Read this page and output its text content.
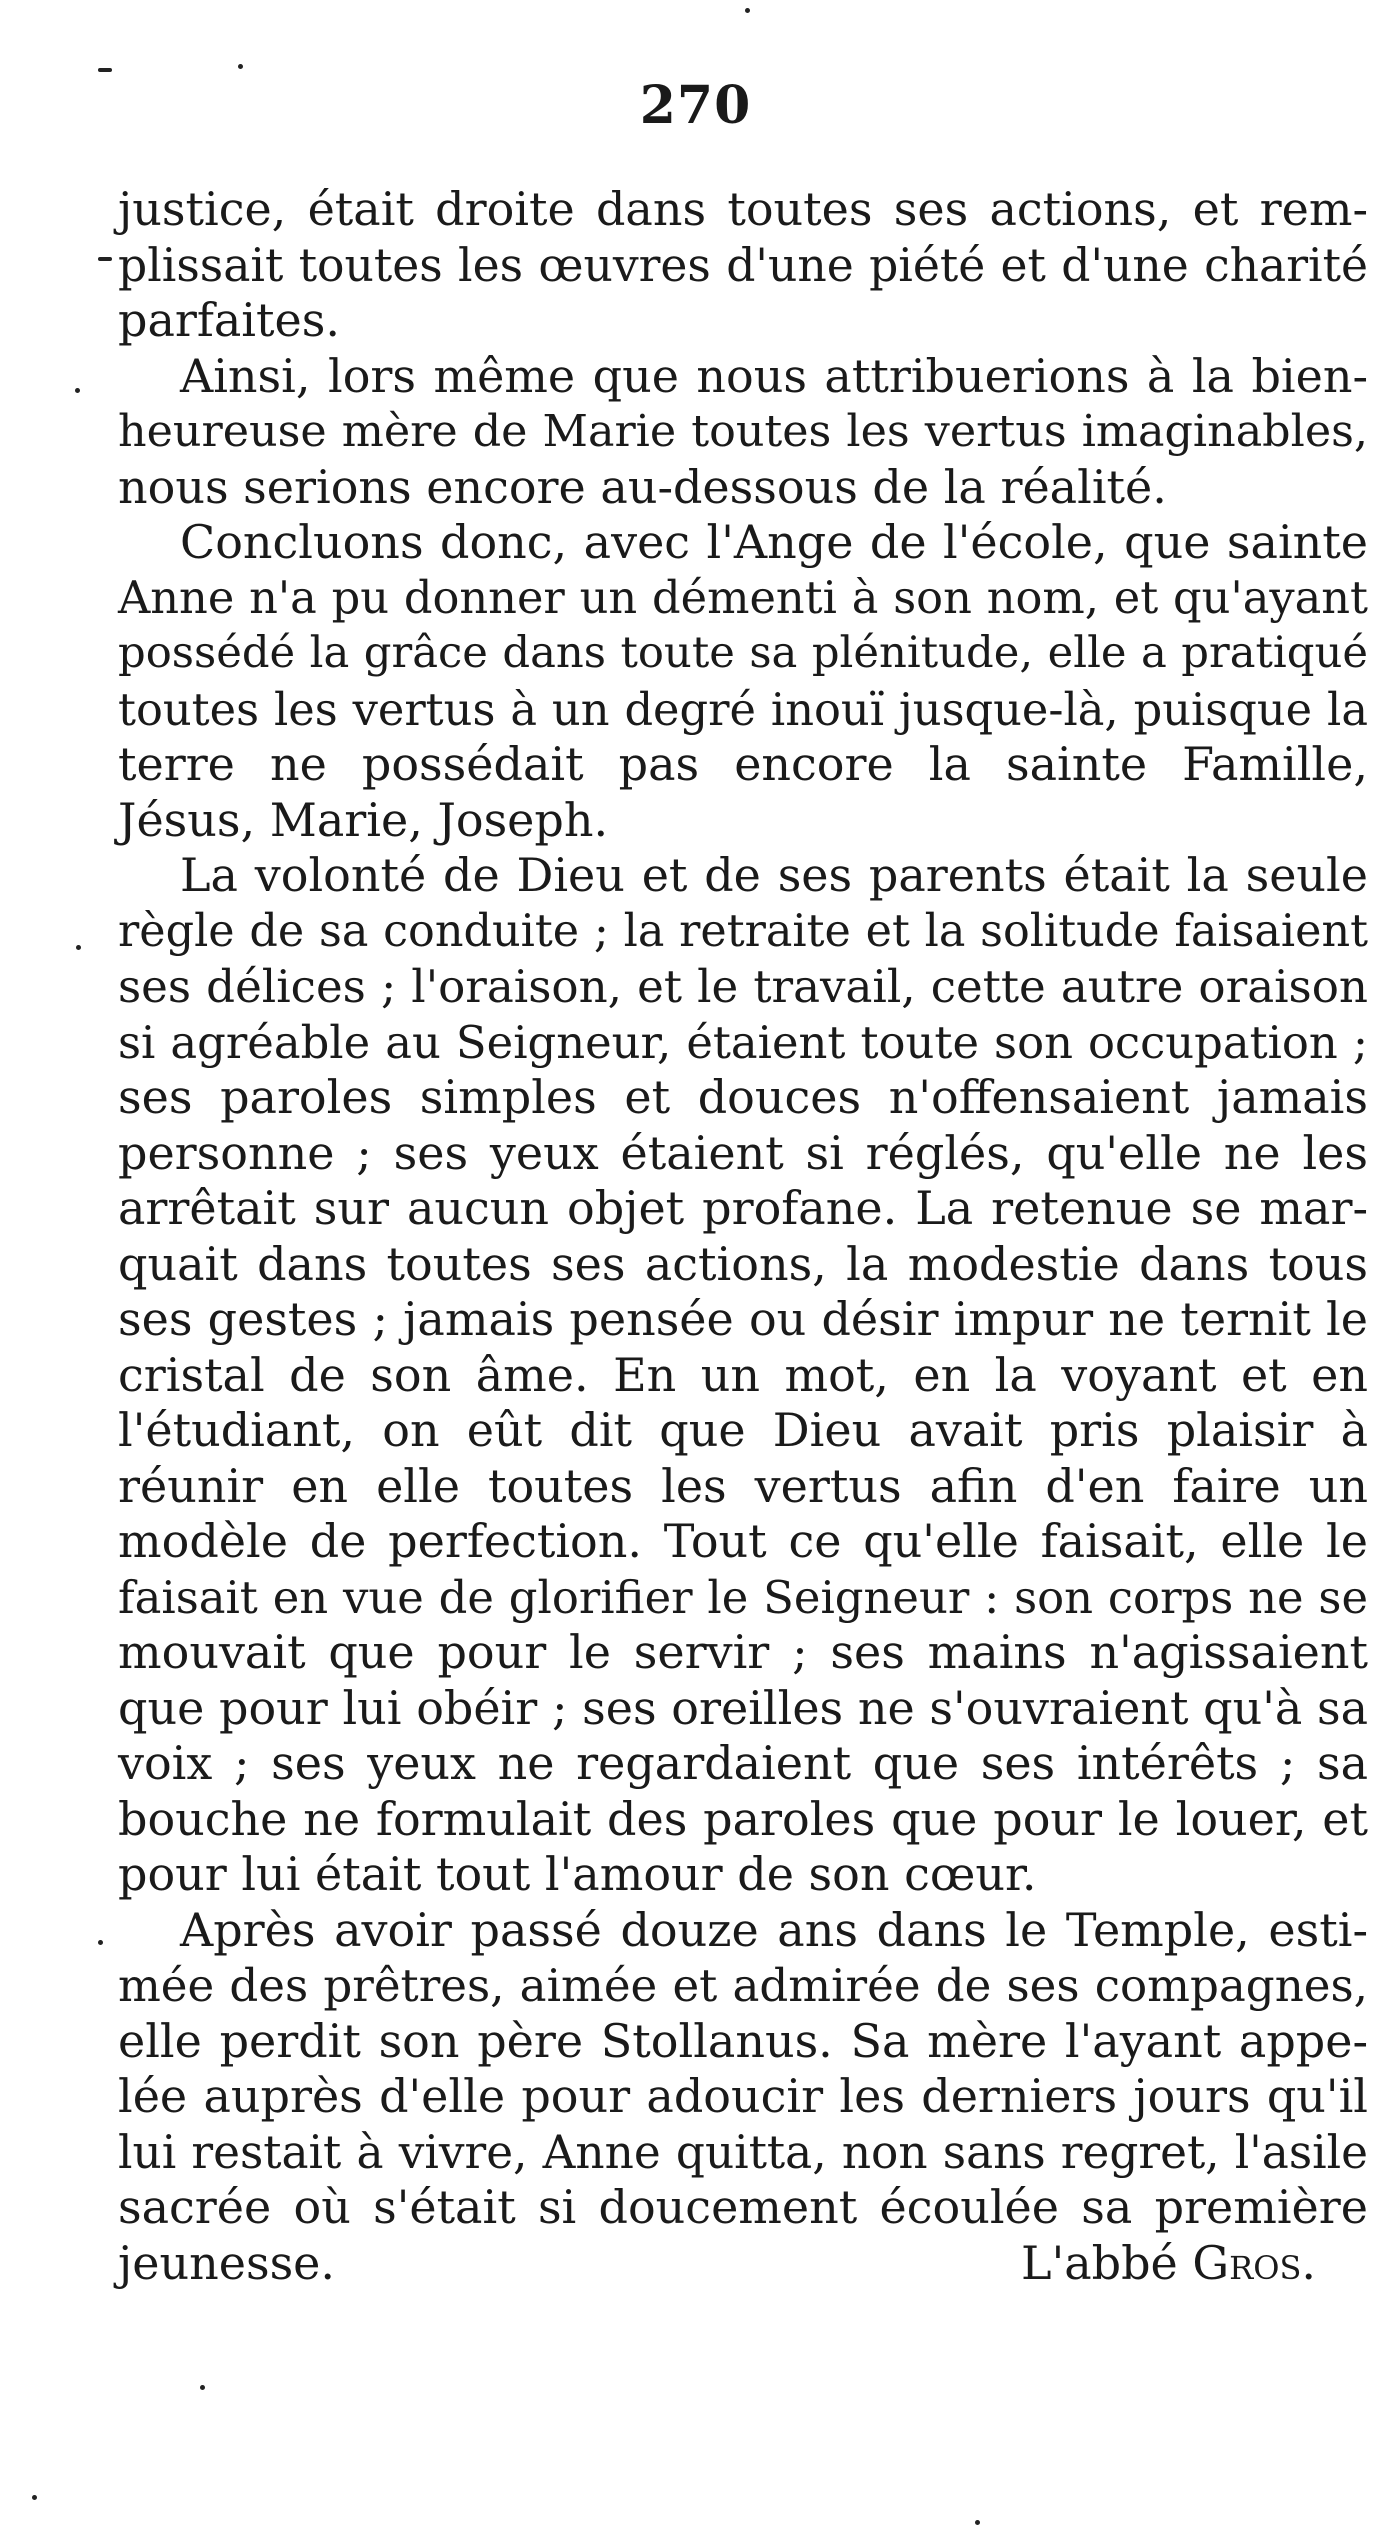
270
justice, était droite dans toutes ses actions, et rem-
plissait toutes les œuvres d'une piété et d'une charité
parfaites.
Ainsi, lors même que nous attribuerions à la bien-
heureuse mère de Marie toutes les vertus imaginables,
nous serions encore au-dessous de la réalité.
Concluons donc, avec l'Ange de l'école, que sainte
Anne n'a pu donner un démenti à son nom, et qu'ayant
possédé la grâce dans toute sa plénitude, elle a pratiqué
toutes les vertus à un degré inouï jusque-là, puisque la
terre ne possédait pas encore la sainte Famille,
Jésus, Marie, Joseph.
La volonté de Dieu et de ses parents était la seule
règle de sa conduite ; la retraite et la solitude faisaient
ses délices ; l'oraison, et le travail, cette autre oraison
si agréable au Seigneur, étaient toute son occupation ;
ses paroles simples et douces n'offensaient jamais
personne ; ses yeux étaient si réglés, qu'elle ne les
arrêtait sur aucun objet profane. La retenue se mar-
quait dans toutes ses actions, la modestie dans tous
ses gestes ; jamais pensée ou désir impur ne ternit le
cristal de son âme. En un mot, en la voyant et en
l'étudiant, on eût dit que Dieu avait pris plaisir à
réunir en elle toutes les vertus afin d'en faire un
modèle de perfection. Tout ce qu'elle faisait, elle le
faisait en vue de glorifier le Seigneur : son corps ne se
mouvait que pour le servir ; ses mains n'agissaient
que pour lui obéir ; ses oreilles ne s'ouvraient qu'à sa
voix ; ses yeux ne regardaient que ses intérêts ; sa
bouche ne formulait des paroles que pour le louer, et
pour lui était tout l'amour de son cœur.
Après avoir passé douze ans dans le Temple, esti-
mée des prêtres, aimée et admirée de ses compagnes,
elle perdit son père Stollanus. Sa mère l'ayant appe-
lée auprès d'elle pour adoucir les derniers jours qu'il
lui restait à vivre, Anne quitta, non sans regret, l'asile
sacrée où s'était si doucement écoulée sa première
jeunesse.	L'abbé Gros.
